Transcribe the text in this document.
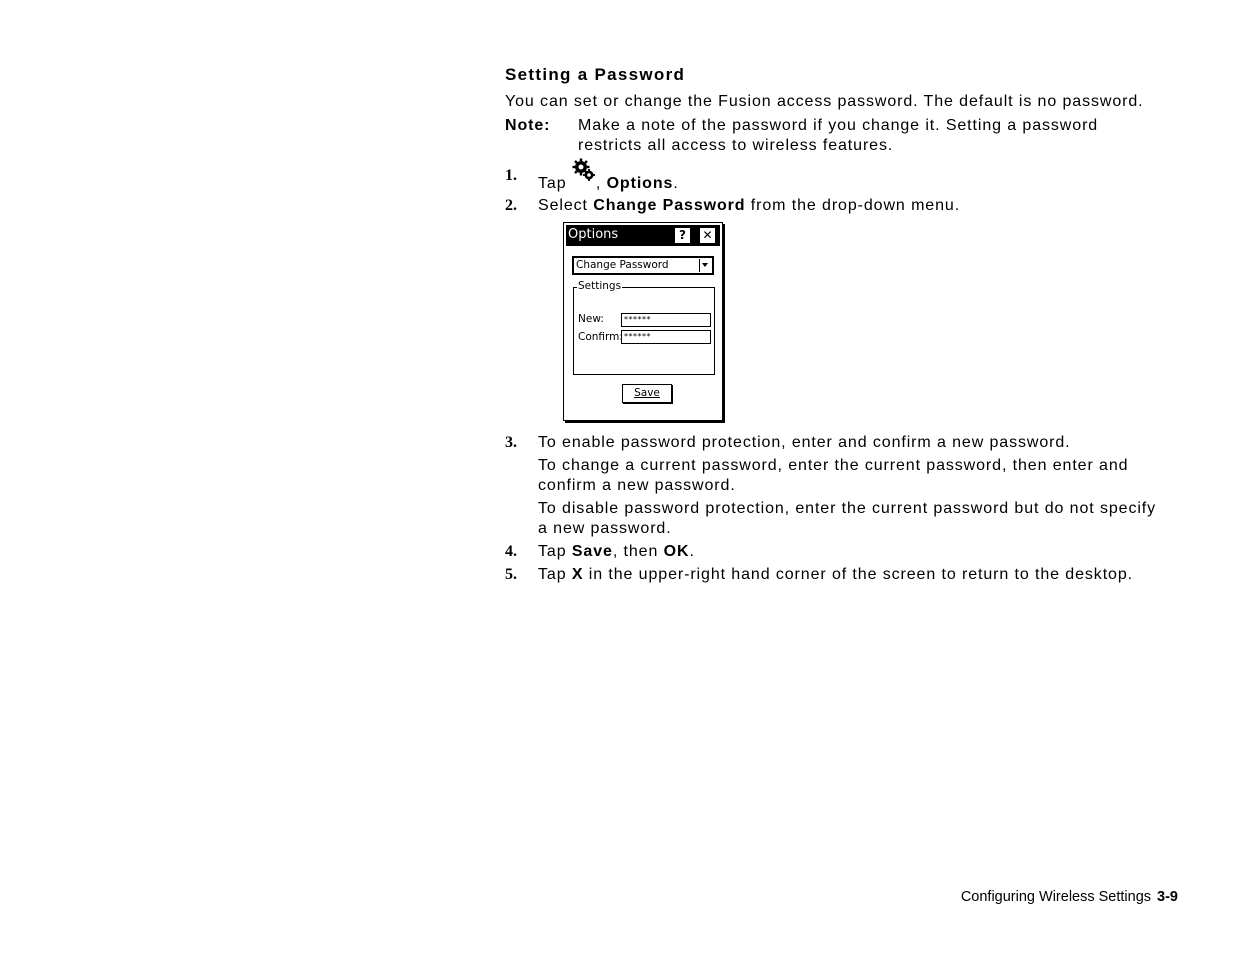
Setting a Password

You can set or change the Fusion access password. The default is no password.

Note:	Make a note of the password if you change it. Setting a password restricts all access to wireless features.
1.	Tap , Options.
2.	Select Change Password from the drop-down menu.
Options	?	✕
Change Password
Settings
New:	******
Confirm: ******
Save
3.	To enable password protection, enter and confirm a new password.
To change a current password, enter the current password, then enter and confirm a new password.
To disable password protection, enter the current password but do not specify a new password.
4.	Tap Save, then OK.
5.	Tap X in the upper-right hand corner of the screen to return to the desktop.
Configuring Wireless Settings 3-9
